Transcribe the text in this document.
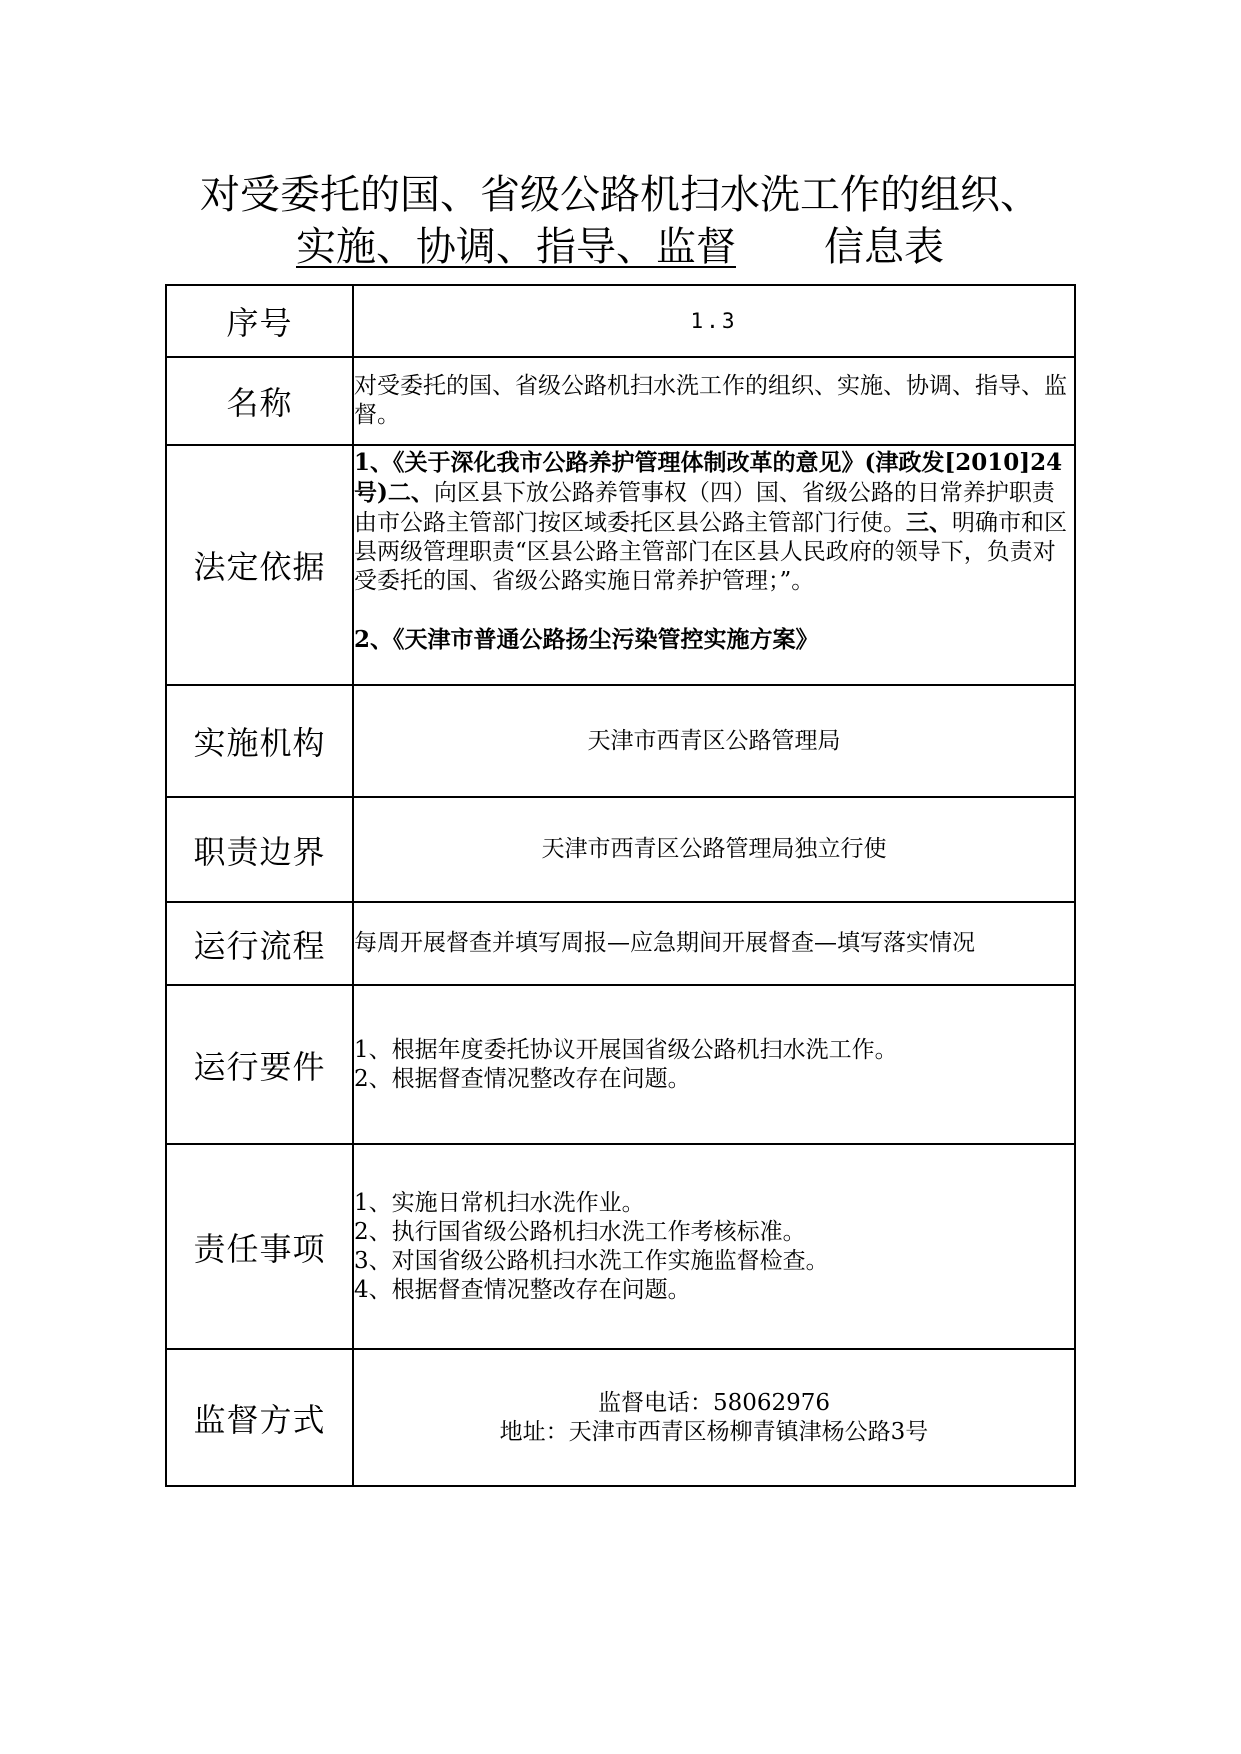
对受委托的国、省级公路机扫水洗工作的组织、
实施、协调、指导、监督 信息表
序号	1.3
名称	对受委托的国、省级公路机扫水洗工作的组织、实施、协调、指导、监督。
法定依据	1、《关于深化我市公路养护管理体制改革的意见》(津政发[2010]24号)二、向区县下放公路养管事权（四）国、省级公路的日常养护职责由市公路主管部门按区域委托区县公路主管部门行使。三、明确市和区县两级管理职责“区县公路主管部门在区县人民政府的领导下，负责对受委托的国、省级公路实施日常养护管理；”。
2、《天津市普通公路扬尘污染管控实施方案》

实施机构	天津市西青区公路管理局
职责边界	天津市西青区公路管理局独立行使
运行流程	每周开展督查并填写周报—应急期间开展督查—填写落实情况
运行要件	1、根据年度委托协议开展国省级公路机扫水洗工作。
2、根据督查情况整改存在问题。

责任事项	1、实施日常机扫水洗作业。
2、执行国省级公路机扫水洗工作考核标准。
3、对国省级公路机扫水洗工作实施监督检查。
4、根据督查情况整改存在问题。

监督方式	监督电话：58062976
地址：天津市西青区杨柳青镇津杨公路3号
